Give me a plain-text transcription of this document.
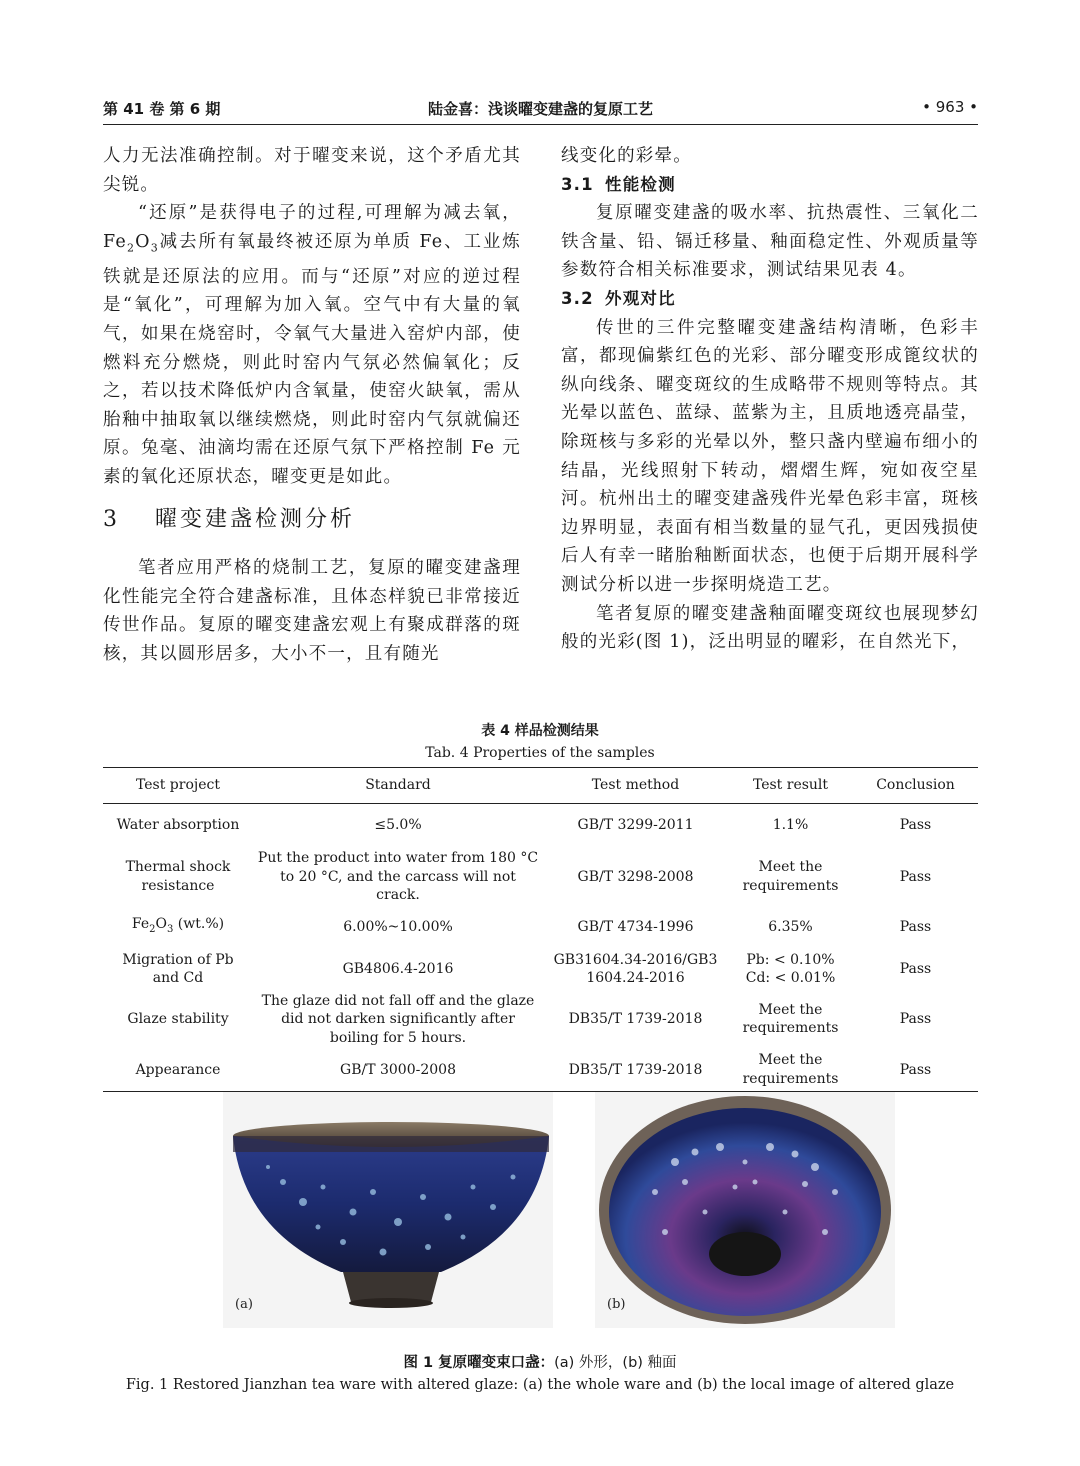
第 41 卷 第 6 期	陆金喜：浅谈曜变建盏的复原工艺	• 963 •

人力无法准确控制。对于曜变来说，这个矛盾尤其尖锐。

“还原”是获得电子的过程,可理解为减去氧，$Fe_2O_3$减去所有氧最终被还原为单质 Fe、工业炼铁就是还原法的应用。而与“还原”对应的逆过程是“氧化”，可理解为加入氧。空气中有大量的氧气，如果在烧窑时，令氧气大量进入窑炉内部，使燃料充分燃烧，则此时窑内气氛必然偏氧化；反之，若以技术降低炉内含氧量，使窑火缺氧，需从胎釉中抽取氧以继续燃烧，则此时窑内气氛就偏还原。兔毫、油滴均需在还原气氛下严格控制 Fe 元素的氧化还原状态，曜变更是如此。

3 曜变建盏检测分析

笔者应用严格的烧制工艺，复原的曜变建盏理化性能完全符合建盏标准，且体态样貌已非常接近传世作品。复原的曜变建盏宏观上有聚成群落的斑核，其以圆形居多，大小不一，且有随光

线变化的彩晕。

3.1 性能检测

复原曜变建盏的吸水率、抗热震性、三氧化二铁含量、铅、镉迁移量、釉面稳定性、外观质量等参数符合相关标准要求，测试结果见表 4。

3.2 外观对比

传世的三件完整曜变建盏结构清晰，色彩丰富，都现偏紫红色的光彩、部分曜变形成篦纹状的纵向线条、曜变斑纹的生成略带不规则等特点。其光晕以蓝色、蓝绿、蓝紫为主，且质地透亮晶莹，除斑核与多彩的光晕以外，整只盏内壁遍布细小的结晶，光线照射下转动，熠熠生辉，宛如夜空星河。杭州出土的曜变建盏残件光晕色彩丰富，斑核边界明显，表面有相当数量的显气孔，更因残损使后人有幸一睹胎釉断面状态，也便于后期开展科学测试分析以进一步探明烧造工艺。

笔者复原的曜变建盏釉面曜变斑纹也展现梦幻般的光彩(图 1)，泛出明显的曜彩，在自然光下，

表 4 样品检测结果
Tab. 4 Properties of the samples
Test project	Standard	Test method	Test result	Conclusion
Water absorption	≤5.0%	GB/T 3299-2011	1.1%	Pass
Thermal shock resistance	Put the product into water from 180 °C to 20 °C, and the carcass will not crack.	GB/T 3298-2008	Meet the requirements	Pass
$Fe_2O_3$ (wt.%)	6.00%~10.00%	GB/T 4734-1996	6.35%	Pass
Migration of Pb and Cd	GB4806.4-2016	GB31604.34-2016/GB3 1604.24-2016	Pb: < 0.10% Cd: < 0.01%	Pass
Glaze stability	The glaze did not fall off and the glaze did not darken significantly after boiling for 5 hours.	DB35/T 1739-2018	Meet the requirements	Pass
Appearance	GB/T 3000-2008	DB35/T 1739-2018	Meet the requirements	Pass
(a)	(b)
图 1 复原曜变束口盏：(a) 外形，(b) 釉面
Fig. 1 Restored Jianzhan tea ware with altered glaze: (a) the whole ware and (b) the local image of altered glaze
